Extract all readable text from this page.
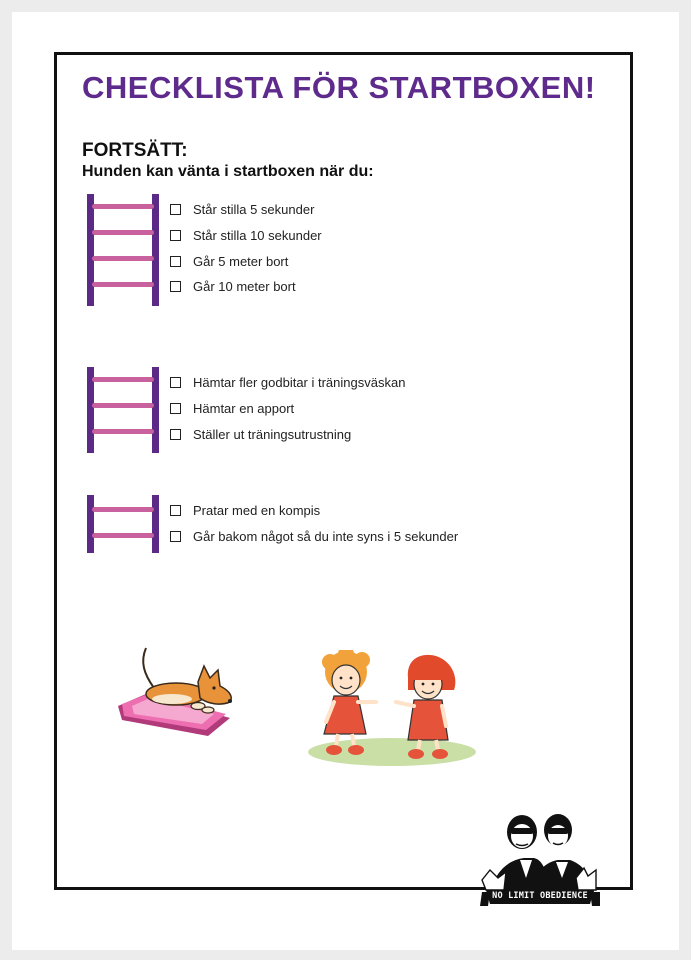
CHECKLISTA FÖR STARTBOXEN!
FORTSÄTT:
Hunden kan vänta i startboxen när du:
Står stilla 5 sekunder
Står stilla 10 sekunder
Går 5 meter bort
Går 10 meter bort
Hämtar fler godbitar i träningsväskan
Hämtar en apport
Ställer ut träningsutrustning
Pratar med en kompis
Går bakom något så du inte syns i 5 sekunder
NO LIMIT OBEDIENCE
